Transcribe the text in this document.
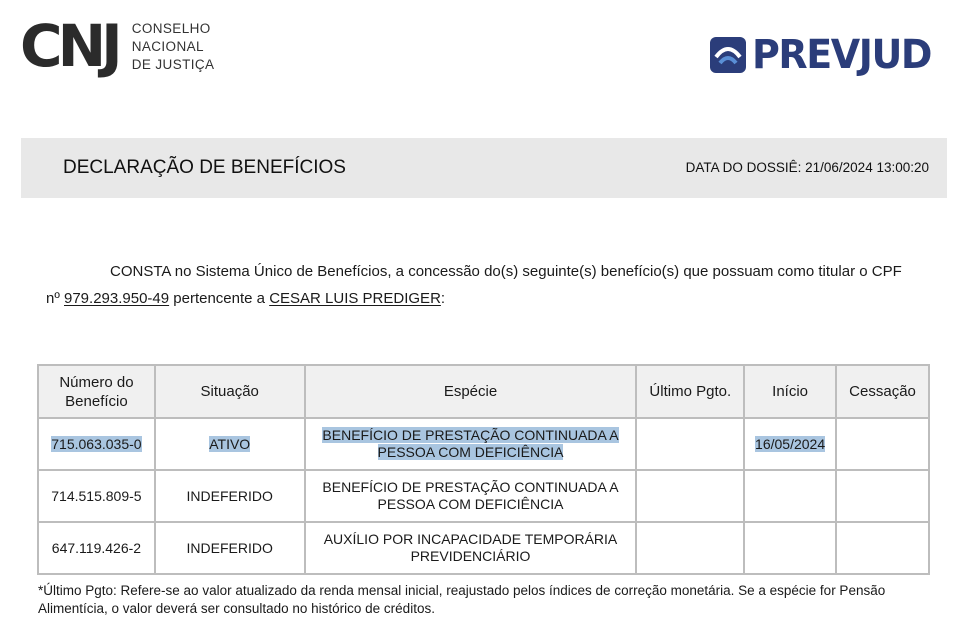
CNJ CONSELHO
NACIONAL
DE JUSTIÇA	PREVJUD
DECLARAÇÃO DE BENEFÍCIOS	DATA DO DOSSIÊ: 21/06/2024 13:00:20
CONSTA no Sistema Único de Benefícios, a concessão do(s) seguinte(s) benefício(s) que possuam como titular o CPF nº 979.293.950-49 pertencente a CESAR LUIS PREDIGER:
Número do Benefício	Situação	Espécie	Último Pgto.	Início	Cessação
715.063.035-0	ATIVO	BENEFÍCIO DE PRESTAÇÃO CONTINUADA A PESSOA COM DEFICIÊNCIA		16/05/2024	
714.515.809-5	INDEFERIDO	BENEFÍCIO DE PRESTAÇÃO CONTINUADA A PESSOA COM DEFICIÊNCIA			
647.119.426-2	INDEFERIDO	AUXÍLIO POR INCAPACIDADE TEMPORÁRIA PREVIDENCIÁRIO			
*Último Pgto: Refere-se ao valor atualizado da renda mensal inicial, reajustado pelos índices de correção monetária. Se a espécie for Pensão Alimentícia, o valor deverá ser consultado no histórico de créditos.
